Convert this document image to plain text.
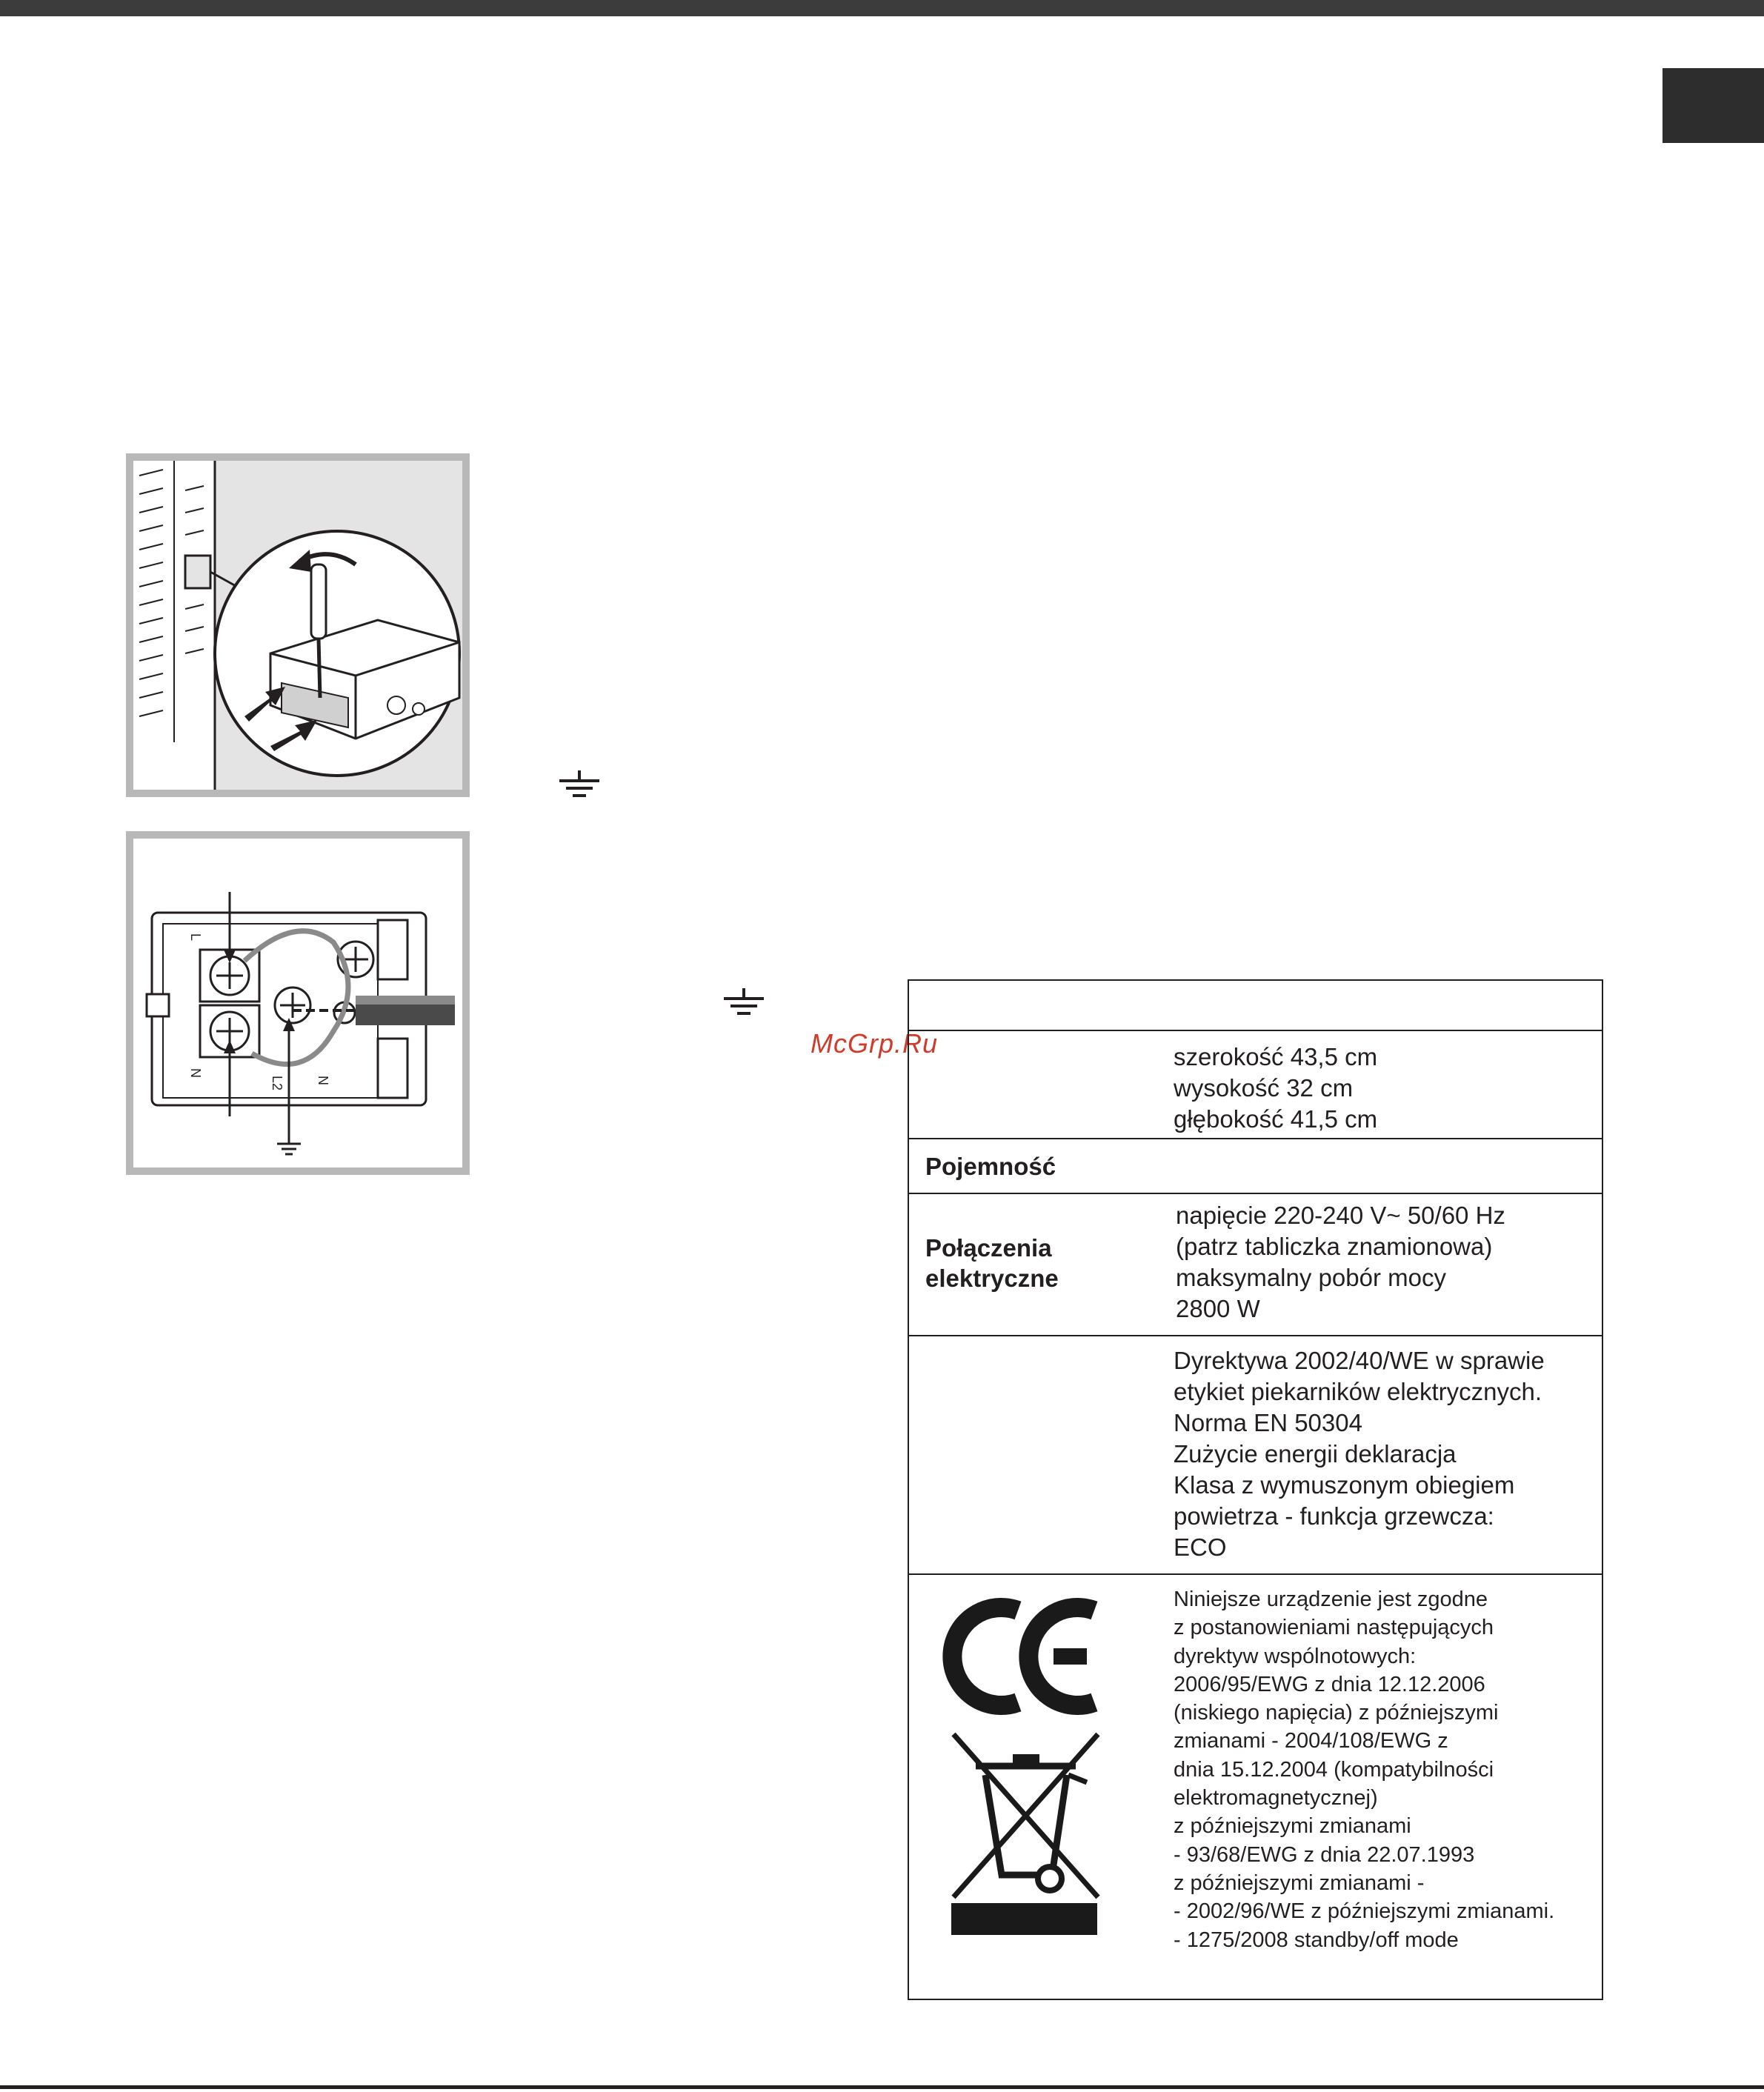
L
N
L2 N
McGrp.Ru	szerokość 43,5 cm
wysokość 32 cm
głębokość 41,5 cm
Pojemność
Połączenia
elektryczne
napięcie 220-240 V~ 50/60 Hz
(patrz tabliczka znamionowa)
maksymalny pobór mocy
2800 W
Dyrektywa 2002/40/WE w sprawie
etykiet piekarników elektrycznych.
Norma EN 50304
Zużycie energii deklaracja
Klasa z wymuszonym obiegiem
powietrza - funkcja grzewcza:
ECO
CE	Niniejsze urządzenie jest zgodne
z postanowieniami następujących
dyrektyw wspólnotowych:
2006/95/EWG z dnia 12.12.2006
(niskiego napięcia) z późniejszymi
zmianami - 2004/108/EWG z
dnia 15.12.2004 (kompatybilności
elektromagnetycznej)
z późniejszymi zmianami
- 93/68/EWG z dnia 22.07.1993
z późniejszymi zmianami -
- 2002/96/WE z późniejszymi zmianami.
- 1275/2008 standby/off mode
